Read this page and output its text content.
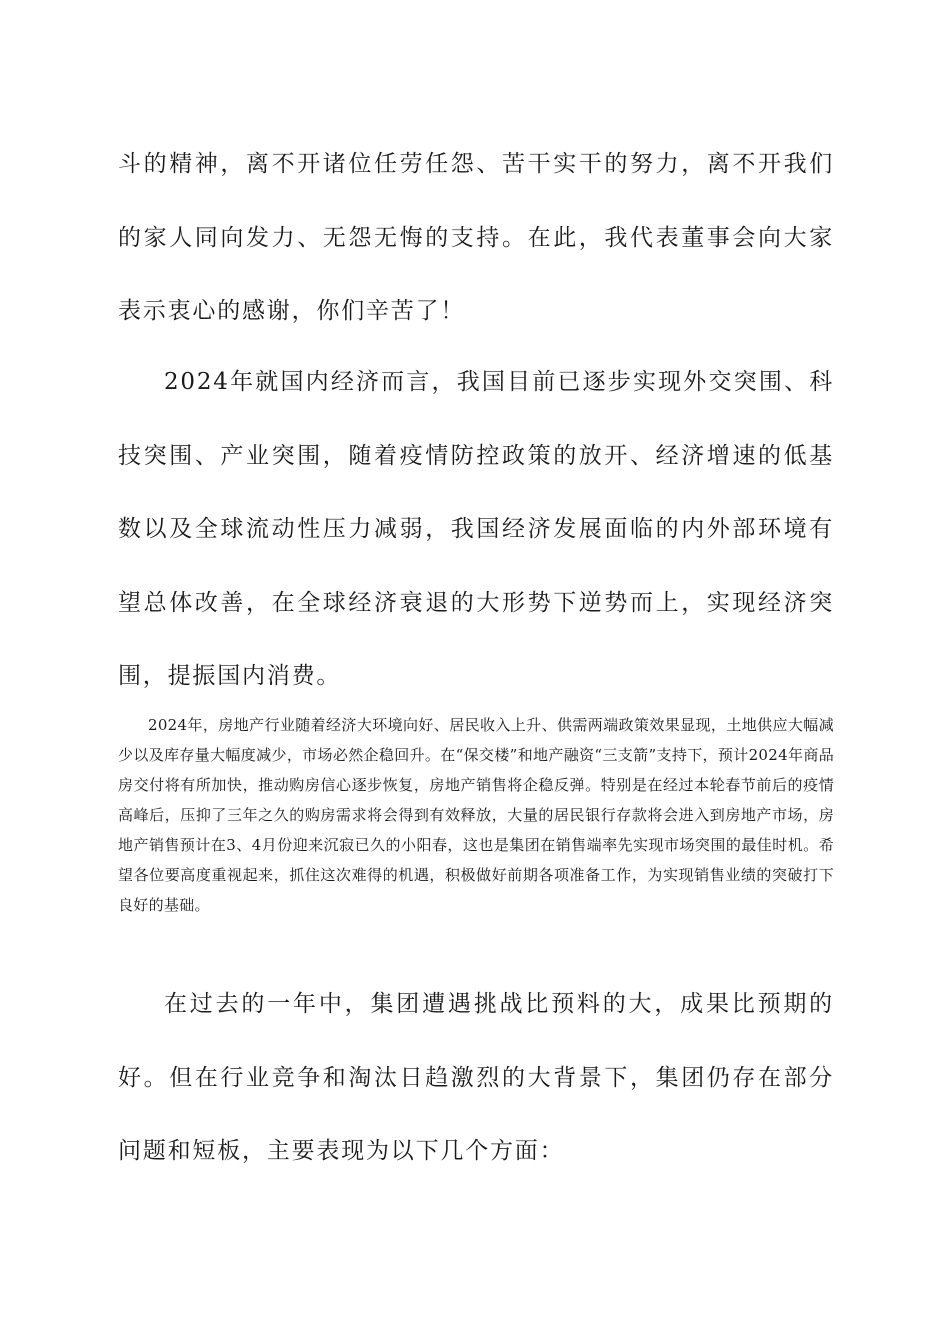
斗的精神，离不开诸位任劳任怨、苦干实干的努力，离不开我们的家人同向发力、无怨无悔的支持。在此，我代表董事会向大家表示衷心的感谢，你们辛苦了！

2024年就国内经济而言，我国目前已逐步实现外交突围、科技突围、产业突围，随着疫情防控政策的放开、经济增速的低基数以及全球流动性压力减弱，我国经济发展面临的内外部环境有望总体改善，在全球经济衰退的大形势下逆势而上，实现经济突围，提振国内消费。

2024年，房地产行业随着经济大环境向好、居民收入上升、供需两端政策效果显现，土地供应大幅减少以及库存量大幅度减少，市场必然企稳回升。在“保交楼”和地产融资“三支箭”支持下，预计2024年商品房交付将有所加快，推动购房信心逐步恢复，房地产销售将企稳反弹。特别是在经过本轮春节前后的疫情高峰后，压抑了三年之久的购房需求将会得到有效释放，大量的居民银行存款将会进入到房地产市场，房地产销售预计在3、4月份迎来沉寂已久的小阳春，这也是集团在销售端率先实现市场突围的最佳时机。希望各位要高度重视起来，抓住这次难得的机遇，积极做好前期各项准备工作，为实现销售业绩的突破打下良好的基础。

在过去的一年中，集团遭遇挑战比预料的大，成果比预期的好。但在行业竞争和淘汰日趋激烈的大背景下，集团仍存在部分问题和短板，主要表现为以下几个方面：
